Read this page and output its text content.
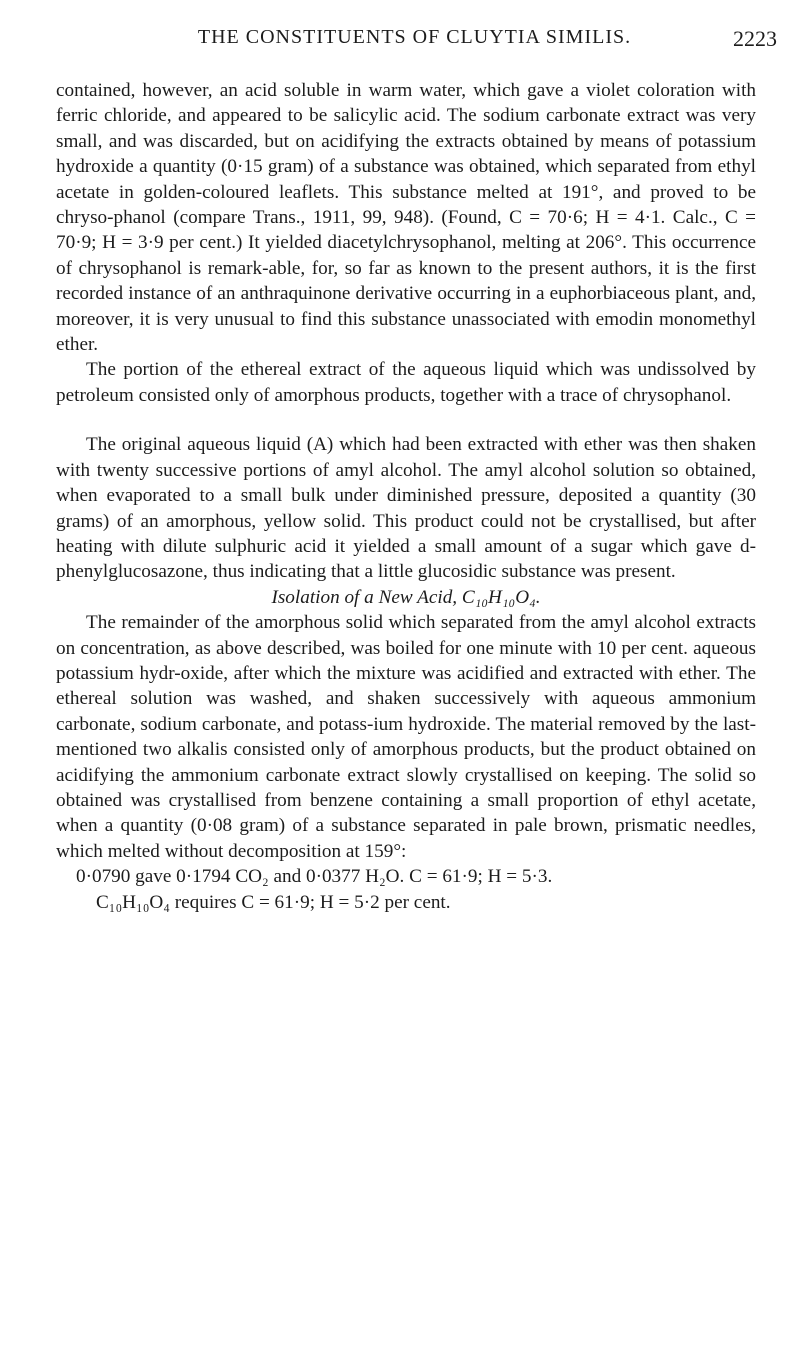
THE CONSTITUENTS OF CLUYTIA SIMILIS.	2223

contained, however, an acid soluble in warm water, which gave a violet coloration with ferric chloride, and appeared to be salicylic acid. The sodium carbonate extract was very small, and was discarded, but on acidifying the extracts obtained by means of potassium hydroxide a quantity (0·15 gram) of a substance was obtained, which separated from ethyl acetate in golden-coloured leaflets. This substance melted at 191°, and proved to be chryso-phanol (compare Trans., 1911, 99, 948). (Found, C = 70·6; H = 4·1. Calc., C = 70·9; H = 3·9 per cent.) It yielded diacetylchrysophanol, melting at 206°. This occurrence of chrysophanol is remark-able, for, so far as known to the present authors, it is the first recorded instance of an anthraquinone derivative occurring in a euphorbiaceous plant, and, moreover, it is very unusual to find this substance unassociated with emodin monomethyl ether.

The portion of the ethereal extract of the aqueous liquid which was undissolved by petroleum consisted only of amorphous products, together with a trace of chrysophanol.

The original aqueous liquid (A) which had been extracted with ether was then shaken with twenty successive portions of amyl alcohol. The amyl alcohol solution so obtained, when evaporated to a small bulk under diminished pressure, deposited a quantity (30 grams) of an amorphous, yellow solid. This product could not be crystallised, but after heating with dilute sulphuric acid it yielded a small amount of a sugar which gave d-phenylglucosazone, thus indicating that a little glucosidic substance was present.

Isolation of a New Acid, C₁₀H₁₀O₄.

The remainder of the amorphous solid which separated from the amyl alcohol extracts on concentration, as above described, was boiled for one minute with 10 per cent. aqueous potassium hydr-oxide, after which the mixture was acidified and extracted with ether. The ethereal solution was washed, and shaken successively with aqueous ammonium carbonate, sodium carbonate, and potass-ium hydroxide. The material removed by the last-mentioned two alkalis consisted only of amorphous products, but the product obtained on acidifying the ammonium carbonate extract slowly crystallised on keeping. The solid so obtained was crystallised from benzene containing a small proportion of ethyl acetate, when a quantity (0·08 gram) of a substance separated in pale brown, prismatic needles, which melted without decomposition at 159°:

0·0790 gave 0·1794 CO₂ and 0·0377 H₂O. C = 61·9; H = 5·3.

C₁₀H₁₀O₄ requires C = 61·9; H = 5·2 per cent.
